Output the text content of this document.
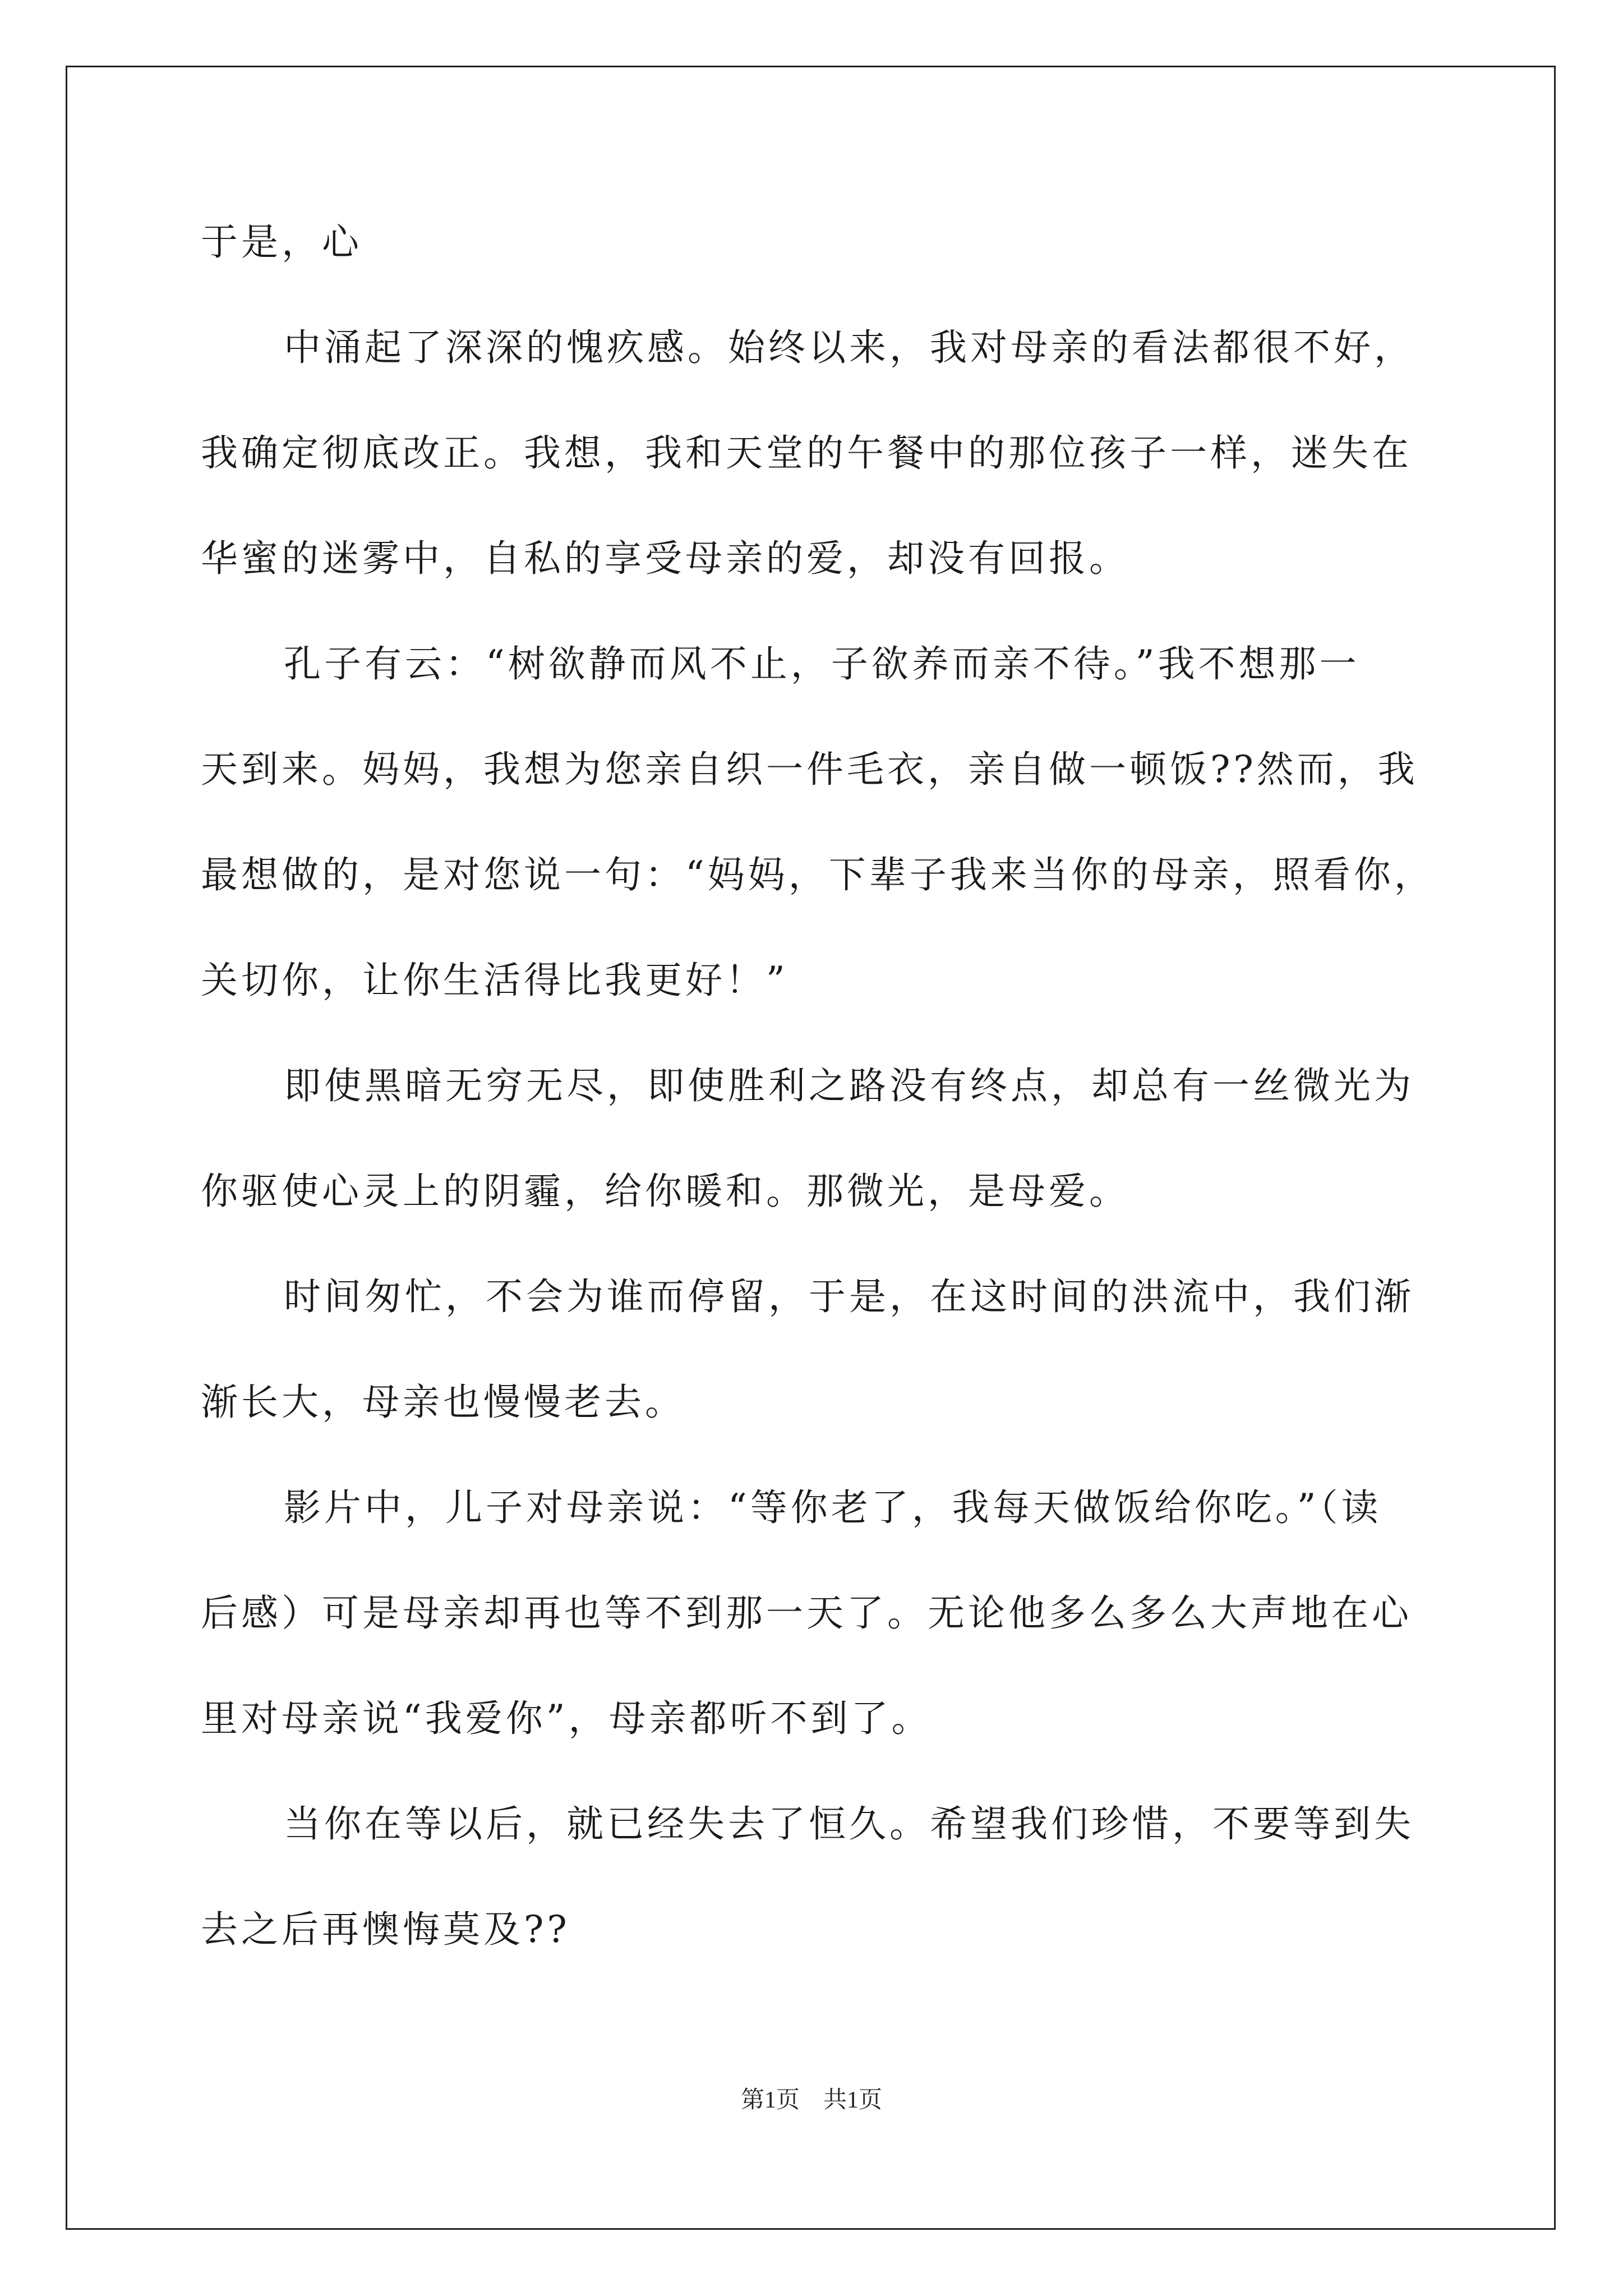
于是，心
中涌起了深深的愧疚感。始终以来，我对母亲的看法都很不好，
我确定彻底改正。我想，我和天堂的午餐中的那位孩子一样，迷失在
华蜜的迷雾中，自私的享受母亲的爱，却没有回报。
孔子有云：“树欲静而风不止，子欲养而亲不待。”我不想那一
天到来。妈妈，我想为您亲自织一件毛衣，亲自做一顿饭??然而，我
最想做的，是对您说一句：“妈妈，下辈子我来当你的母亲，照看你，
关切你，让你生活得比我更好！”
即使黑暗无穷无尽，即使胜利之路没有终点，却总有一丝微光为
你驱使心灵上的阴霾，给你暖和。那微光，是母爱。
时间匆忙，不会为谁而停留，于是，在这时间的洪流中，我们渐
渐长大，母亲也慢慢老去。
影片中，儿子对母亲说：“等你老了，我每天做饭给你吃。”（读
后感）可是母亲却再也等不到那一天了。无论他多么多么大声地在心
里对母亲说“我爱你”，母亲都听不到了。
当你在等以后，就已经失去了恒久。希望我们珍惜，不要等到失
去之后再懊悔莫及??
第1页 共1页
